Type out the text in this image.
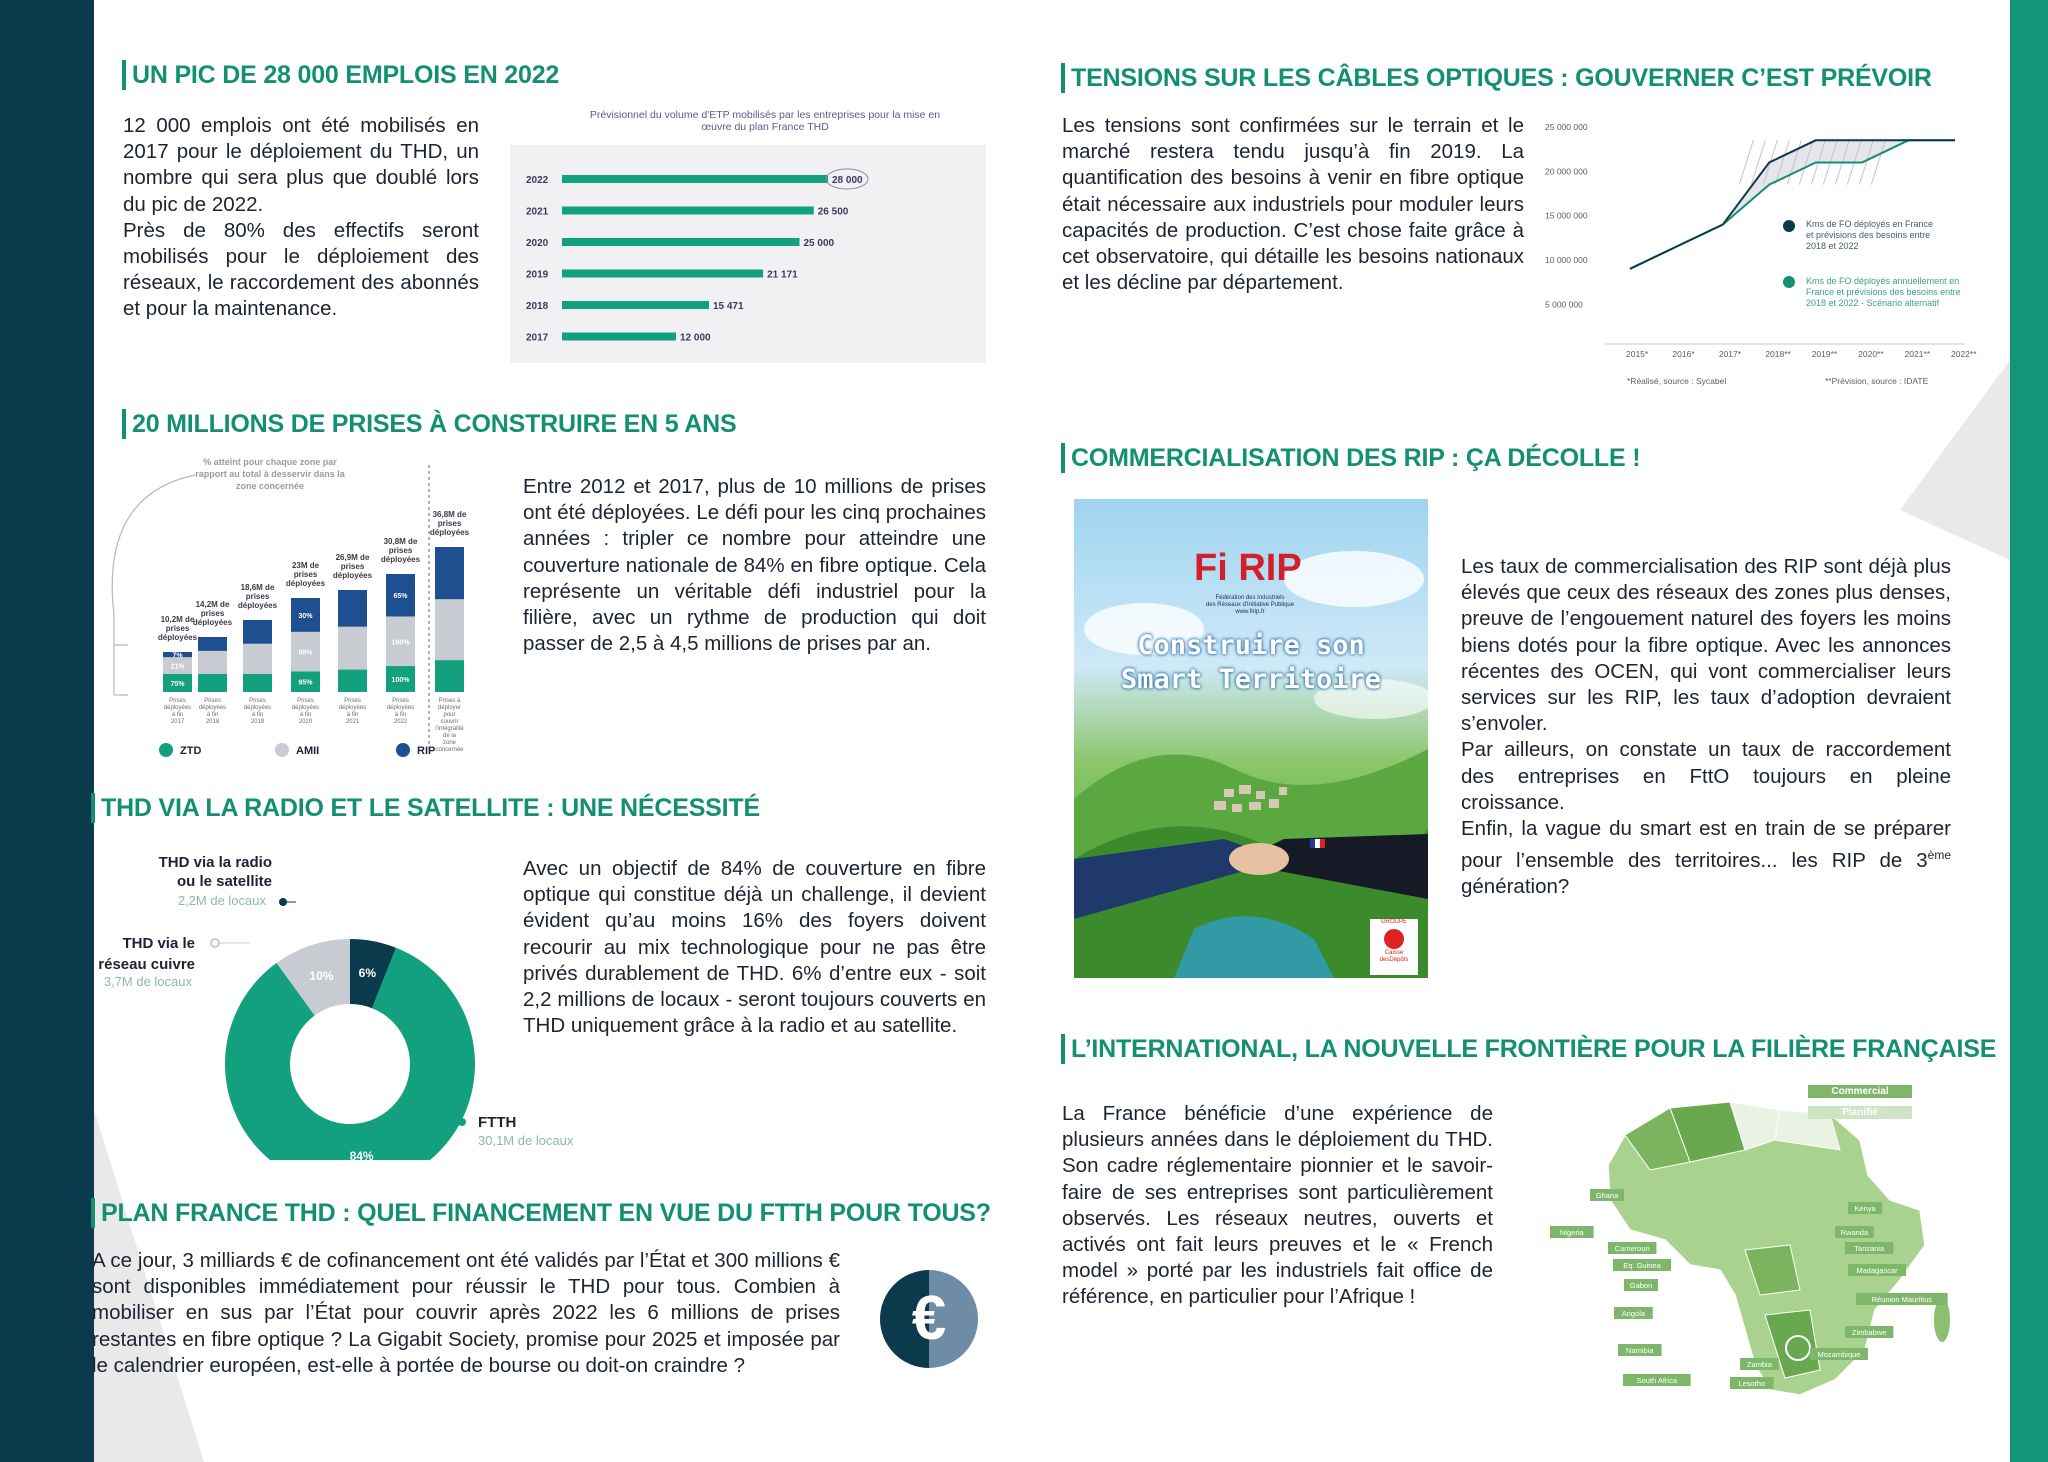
UN PIC DE 28 000 EMPLOIS EN 2022

12 000 emplois ont été mobilisés en 2017 pour le déploiement du THD, un nombre qui sera plus que doublé lors du pic de 2022.

Près de 80% des effectifs seront mobilisés pour le déploiement des réseaux, le raccordement des abonnés et pour la maintenance.

Prévisionnel du volume d'ETP mobilisés par les entreprises pour la mise en
œuvre du plan France THD
2022	28 000
2021	26 500
2020	25 000
2019	21 171
2018	15 471
2017	12 000
TENSIONS SUR LES CÂBLES OPTIQUES : GOUVERNER C’EST PRÉVOIR
Les tensions sont confirmées sur le terrain et le marché restera tendu jusqu’à fin 2019. La quantification des besoins à venir en fibre optique était nécessaire aux industriels pour moduler leurs capacités de production. C’est chose faite grâce à cet observatoire, qui détaille les besoins nationaux et les décline par département.
25 000 000
20 000 000
15 000 000
10 000 000
5 000 000
2015*	2016*	2017*	2018** 2019** 2020** 2021** 2022**
Kms de FO déployés en France
et prévisions des besoins entre
2018 et 2022
Kms de FO déployés annuellement en
France et prévisions des besoins entre
2018 et 2022 - Scénario alternatif
*Réalisé, source : Sycabel	**Prévision, source : IDATE
20 MILLIONS DE PRISES À CONSTRUIRE EN 5 ANS
% atteint pour chaque zone par
rapport au total à desservir dans la
zone concernée
75%
21%
7%
10,2M de
prises
déployées
Prises
déployées
à fin
2017
14,2M de
prises
déployées
Prises
déployées
à fin
2018
18,6M de
prises
déployées
Prises
déployées
à fin
2019
95%
88%
30%
23M de
prises
déployées
Prises
déployées
à fin
2020
26,9M de
prises
déployées
Prises
déployées
à fin
2021
100%
100%
65%
30,8M de
prises
déployées
Prises
déployées
à fin
2022
36,8M de
prises
déployées
Prises à
déployer
pour
couvrir
l'intégralité
de la
zone
concernée
ZTD	AMII	RIP
Entre 2012 et 2017, plus de 10 millions de prises ont été déployées. Le défi pour les cinq prochaines années : tripler ce nombre pour atteindre une couverture nationale de 84% en fibre optique. Cela représente un véritable défi industriel pour la filière, avec un rythme de production qui doit passer de 2,5 à 4,5 millions de prises par an.
THD VIA LA RADIO ET LE SATELLITE : UNE NÉCESSITÉ
6%
84%
10%
THD via la radio
ou le satellite
2,2M de locaux
THD via le
réseau cuivre
3,7M de locaux
FTTH
30,1M de locaux
Avec un objectif de 84% de couverture en fibre optique qui constitue déjà un challenge, il devient évident qu’au moins 16% des foyers doivent recourir au mix technologique pour ne pas être privés durablement de THD. 6% d’entre eux - soit 2,2 millions de locaux - seront toujours couverts en THD uniquement grâce à la radio et au satellite.
PLAN FRANCE THD : QUEL FINANCEMENT EN VUE DU FTTH POUR TOUS?
A ce jour, 3 milliards € de cofinancement ont été validés par l’État et 300 millions € sont disponibles immédiatement pour réussir le THD pour tous. Combien à mobiliser en sus par l’État pour couvrir après 2022 les 6 millions de prises restantes en fibre optique ? La Gigabit Society, promise pour 2025 et imposée par le calendrier européen, est-elle à portée de bourse ou doit-on craindre ?
€
COMMERCIALISATION DES RIP : ÇA DÉCOLLE !
Fi RIP
Fédération des Industriels
des Réseaux d'Initiative Publique
www.firip.fr
Construire son
Smart Territoire
GROUPE
Caisse
desDépôts

Les taux de commercialisation des RIP sont déjà plus élevés que ceux des réseaux des zones plus denses, preuve de l’engouement naturel des foyers les moins biens dotés pour la fibre optique. Avec les annonces récentes des OCEN, qui vont commercialiser leurs services sur les RIP, les taux d’adoption devraient s’envoler.

Par ailleurs, on constate un taux de raccordement des entreprises en FttO toujours en pleine croissance.

Enfin, la vague du smart est en train de se préparer pour l’ensemble des territoires... les RIP de 3ème génération?

L’INTERNATIONAL, LA NOUVELLE FRONTIÈRE POUR LA FILIÈRE FRANÇAISE
La France bénéficie d’une expérience de plusieurs années dans le déploiement du THD. Son cadre réglementaire pionnier et le savoir-faire de ses entreprises sont particulièrement observés. Les réseaux neutres, ouverts et activés ont fait leurs preuves et le « French model » porté par les industriels fait office de référence, en particulier pour l’Afrique !
Ghana
Nigeria
Cameroun
Eq. Guinea
Gabon
Angola
Namibia
South Africa	Lesotho
Zambia
Mozambique
Zimbabwe
Réunion Mauritius
Madagascar
Tanzania
Rwanda
Kenya
Commercial
Planifié
